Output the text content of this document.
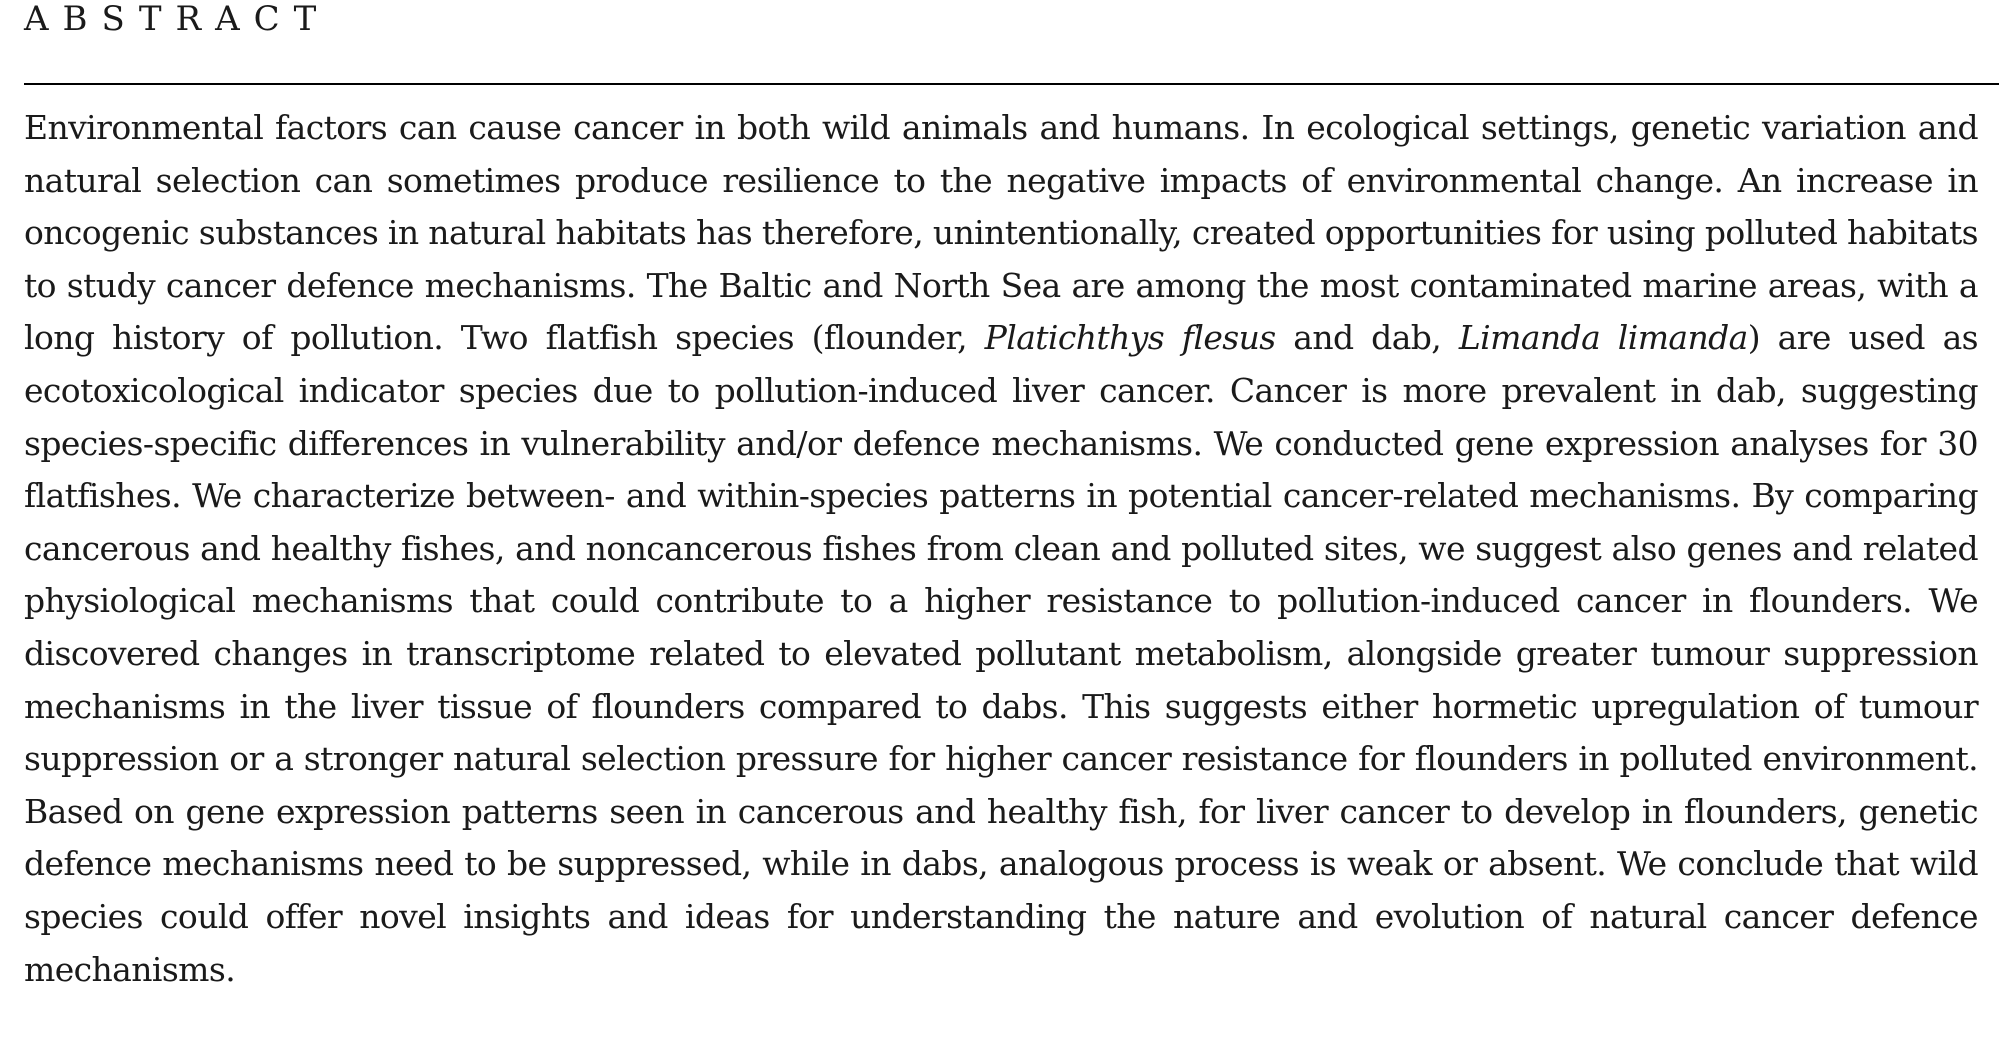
ABSTRACT

Environmental factors can cause cancer in both wild animals and humans. In ecological settings, genetic variation and natural selection can sometimes produce resilience to the negative impacts of environmental change. An increase in oncogenic substances in natural habitats has therefore, unintentionally, created opportunities for using polluted habitats to study cancer defence mechanisms. The Baltic and North Sea are among the most contaminated marine areas, with a long history of pollution. Two flatfish species (flounder, Platichthys flesus and dab, Limanda limanda) are used as ecotoxicological indicator species due to pollution-induced liver cancer. Cancer is more prevalent in dab, suggesting species-specific differences in vulnerability and/or defence mechanisms. We conducted gene expression analyses for 30 flatfishes. We characterize between- and within-species patterns in potential cancer-related mechanisms. By comparing cancerous and healthy fishes, and noncancerous fishes from clean and polluted sites, we suggest also genes and related physiological mechanisms that could contribute to a higher resistance to pollution-induced cancer in flounders. We discovered changes in transcriptome related to elevated pollutant metabolism, alongside greater tumour suppression mechanisms in the liver tissue of flounders compared to dabs. This suggests either hormetic upregulation of tumour suppression or a stronger natural selection pressure for higher cancer resistance for flounders in polluted environment. Based on gene expression patterns seen in cancerous and healthy fish, for liver cancer to develop in flounders, genetic defence mechanisms need to be suppressed, while in dabs, analogous process is weak or absent. We conclude that wild species could offer novel insights and ideas for understanding the nature and evolution of natural cancer defence mechanisms.
